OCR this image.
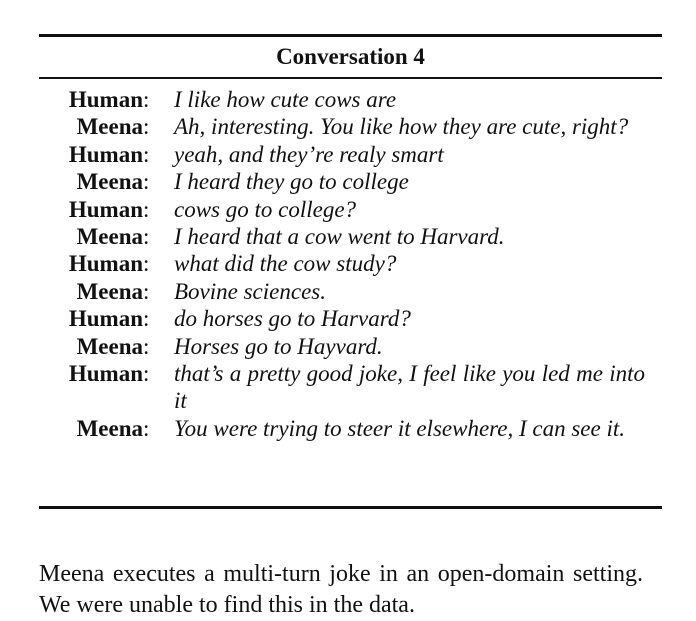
Conversation 4
Human : I like how cute cows are
Meena : Ah, interesting. You like how they are cute, right?
Human : yeah, and they’re realy smart
Meena : I heard they go to college
Human : cows go to college?
Meena : I heard that a cow went to Harvard.
Human : what did the cow study?
Meena : Bovine sciences.
Human : do horses go to Harvard?
Meena : Horses go to Hayvard.
Human : that’s a pretty good joke, I feel like you led me into it
Meena : You were trying to steer it elsewhere, I can see it.

Meena executes a multi-turn joke in an open-domain setting. We were unable to find this in the data.
